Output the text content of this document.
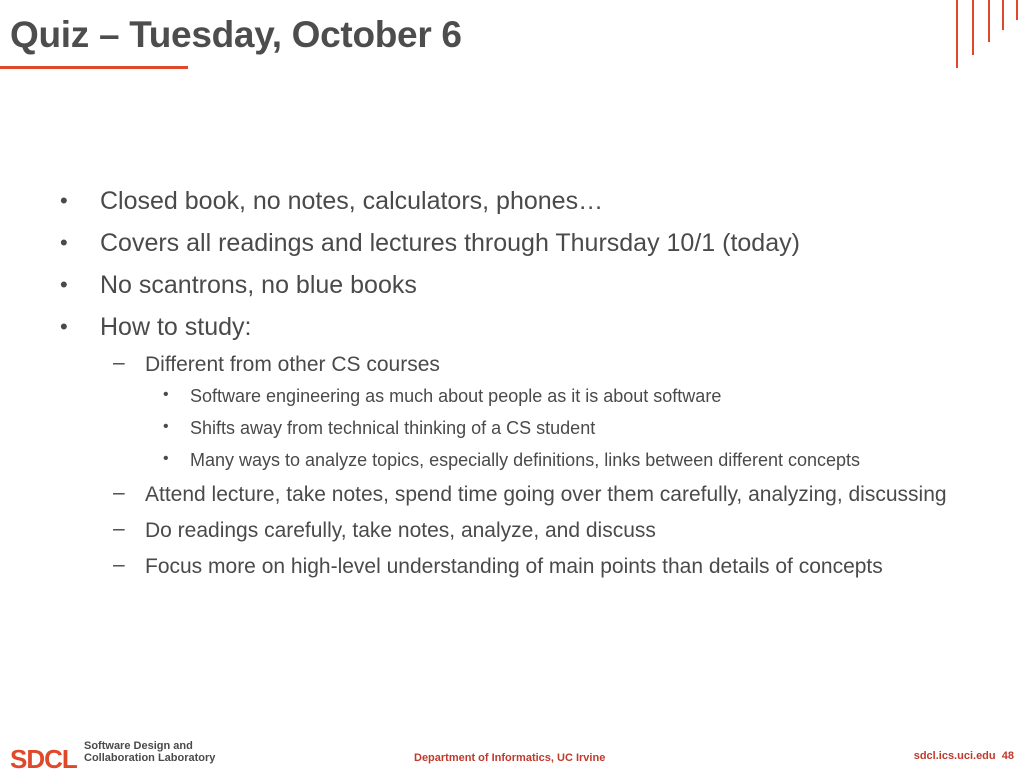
Quiz – Tuesday, October 6
• Closed book, no notes, calculators, phones…
• Covers all readings and lectures through Thursday 10/1 (today)
• No scantrons, no blue books
• How to study:
– Different from other CS courses
• Software engineering as much about people as it is about software
• Shifts away from technical thinking of a CS student
• Many ways to analyze topics, especially definitions, links between different concepts
– Attend lecture, take notes, spend time going over them carefully, analyzing, discussing
– Do readings carefully, take notes, analyze, and discuss
– Focus more on high-level understanding of main points than details of concepts
SDCL Software Design and
Collaboration Laboratory	Department of Informatics, UC Irvine	sdcl.ics.uci.edu 48
